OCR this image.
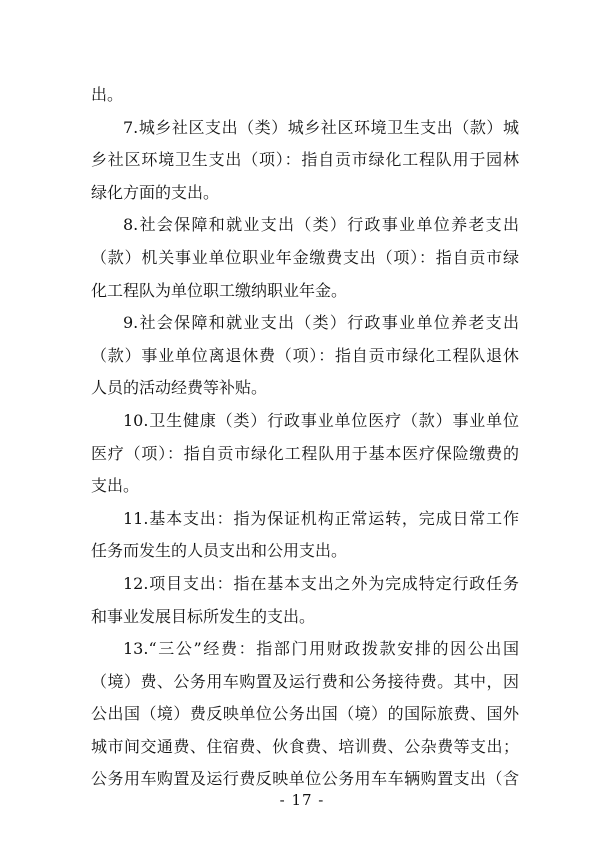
出。
7.城乡社区支出（类）城乡社区环境卫生支出（款）城
乡社区环境卫生支出（项）：指自贡市绿化工程队用于园林
绿化方面的支出。
8.社会保障和就业支出（类）行政事业单位养老支出
（款）机关事业单位职业年金缴费支出（项）：指自贡市绿
化工程队为单位职工缴纳职业年金。
9.社会保障和就业支出（类）行政事业单位养老支出
（款）事业单位离退休费（项）：指自贡市绿化工程队退休
人员的活动经费等补贴。
10.卫生健康（类）行政事业单位医疗（款）事业单位
医疗（项）：指自贡市绿化工程队用于基本医疗保险缴费的
支出。
11.基本支出：指为保证机构正常运转，完成日常工作
任务而发生的人员支出和公用支出。
12.项目支出：指在基本支出之外为完成特定行政任务
和事业发展目标所发生的支出。
13.“三公”经费：指部门用财政拨款安排的因公出国
（境）费、公务用车购置及运行费和公务接待费。其中，因
公出国（境）费反映单位公务出国（境）的国际旅费、国外
城市间交通费、住宿费、伙食费、培训费、公杂费等支出；
公务用车购置及运行费反映单位公务用车车辆购置支出（含
- 17 -
